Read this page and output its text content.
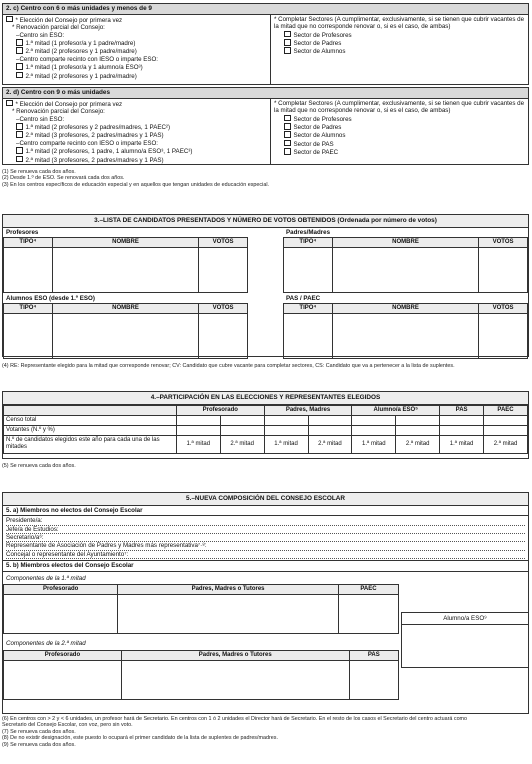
2. c) Centro con 6 o más unidades y menos de 9
* Elección del Consejo por primera vez
* Renovación parcial del Consejo:
–Centro sin ESO:
1.ª mitad (1 profesor/a y 1 padre/madre)
2.ª mitad (2 profesores y 1 padre/madre)
–Centro comparte recinto con IESO o imparte ESO:
1.ª mitad (1 profesor/a y 1 alumno/a ESO³)
2.ª mitad (2 profesores y 1 padre/madre)
* Completar Sectores (A cumplimentar, exclusivamente, si se tienen que cubrir vacantes de la mitad que no corresponde renovar o, si es el caso, de ambas)
Sector de Profesores
Sector de Padres
Sector de Alumnos
2. d) Centro con 9 o más unidades
* Elección del Consejo por primera vez
* Renovación parcial del Consejo:
–Centro sin ESO:
1.ª mitad (2 profesores y 2 padres/madres, 1 PAEC²)
2.ª mitad (3 profesores, 2 padres/madres y 1 PAS)
–Centro comparte recinto con IESO o imparte ESO:
1.ª mitad (2 profesores, 1 padre, 1 alumno/a ESO³, 1 PAEC³)
2.ª mitad (3 profesores, 2 padres/madres y 1 PAS)
* Completar Sectores (A cumplimentar, exclusivamente, si se tienen que cubrir vacantes de la mitad que no corresponde renovar o, si es el caso, de ambas)
Sector de Profesores
Sector de Padres
Sector de Alumnos
Sector de PAS
Sector de PAEC
(1) Se renueva cada dos años.
(2) Desde 1.º de ESO. Se renovará cada dos años.
(3) En los centros específicos de educación especial y en aquellos que tengan unidades de educación especial.
3.–LISTA DE CANDIDATOS PRESENTADOS Y NÚMERO DE VOTOS OBTENIDOS (Ordenada por número de votos)
Profesores
TIPO⁴	NOMBRE	VOTOS

Padres/Madres
TIPO⁴	NOMBRE	VOTOS

Alumnos ESO (desde 1.º ESO)
TIPO⁴	NOMBRE	VOTOS

PAS / PAEC
TIPO⁴	NOMBRE	VOTOS

(4) RE: Representante elegido para la mitad que corresponde renovar; CV: Candidato que cubre vacante para completar sectores, CS: Candidato que va a pertenecer a la lista de suplentes.
4.–PARTICIPACIÓN EN LAS ELECCIONES Y REPRESENTANTES ELEGIDOS
	Profesorado		Padres, Madres		Alumno/a ESO⁵		PAS	PAEC
Censo total								
Votantes (N.º y %)								
N.º de candidatos elegidos este año para cada una de las mitades	1.ª mitad	2.ª mitad	1.ª mitad	2.ª mitad	1.ª mitad	2.ª mitad	1.ª mitad	2.ª mitad
(5) Se renueva cada dos años.
5.–NUEVA COMPOSICIÓN DEL CONSEJO ESCOLAR
5. a) Miembros no electos del Consejo Escolar
Presidente/a:
Jefe/a de Estudios:
Secretario/a⁶:
Representante de Asociación de Padres y Madres más representativa⁷·⁸:
Concejal o representante del Ayuntamiento⁷:
5. b) Miembros electos del Consejo Escolar
Componentes de la 1.ª mitad
Profesorado	Padres, Madres o Tutores	PAEC

Componentes de la 2.ª mitad
Profesorado	Padres, Madres o Tutores	PAS

Alumno/a ESO⁹
(6) En centros con > 2 y < 6 unidades, un profesor hará de Secretario. En centros con 1 ó 2 unidades el Director hará de Secretario. En el resto de los casos el Secretario del centro actuará como
Secretario del Consejo Escolar, con voz, pero sin voto.
(7) Se renueva cada dos años.
(8) De no existir designación, este puesto lo ocupará el primer candidato de la lista de suplentes de padres/madres.
(9) Se renueva cada dos años.
